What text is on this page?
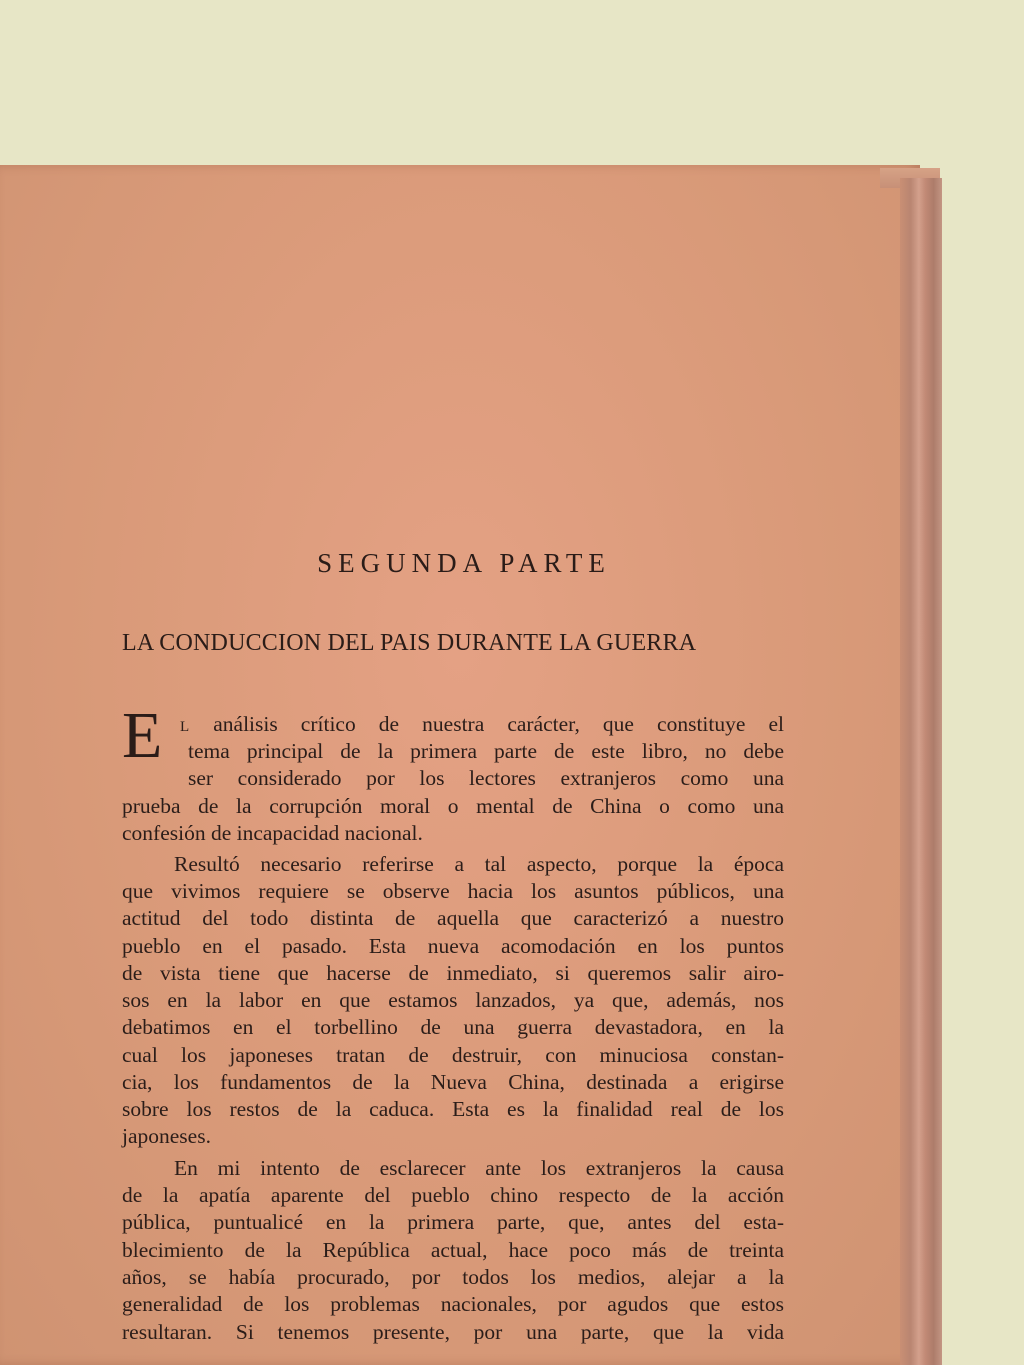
SEGUNDA PARTE
LA CONDUCCION DEL PAIS DURANTE LA GUERRA
E L análisis crítico de nuestra carácter, que constituye el
tema principal de la primera parte de este libro, no debe
ser considerado por los lectores extranjeros como una
prueba de la corrupción moral o mental de China o como una
confesión de incapacidad nacional.
Resultó necesario referirse a tal aspecto, porque la época
que vivimos requiere se observe hacia los asuntos públicos, una
actitud del todo distinta de aquella que caracterizó a nuestro
pueblo en el pasado. Esta nueva acomodación en los puntos
de vista tiene que hacerse de inmediato, si queremos salir airo-
sos en la labor en que estamos lanzados, ya que, además, nos
debatimos en el torbellino de una guerra devastadora, en la
cual los japoneses tratan de destruir, con minuciosa constan-
cia, los fundamentos de la Nueva China, destinada a erigirse
sobre los restos de la caduca. Esta es la finalidad real de los
japoneses.
En mi intento de esclarecer ante los extranjeros la causa
de la apatía aparente del pueblo chino respecto de la acción
pública, puntualicé en la primera parte, que, antes del esta-
blecimiento de la República actual, hace poco más de treinta
años, se había procurado, por todos los medios, alejar a la
generalidad de los problemas nacionales, por agudos que estos
resultaran. Si tenemos presente, por una parte, que la vida
